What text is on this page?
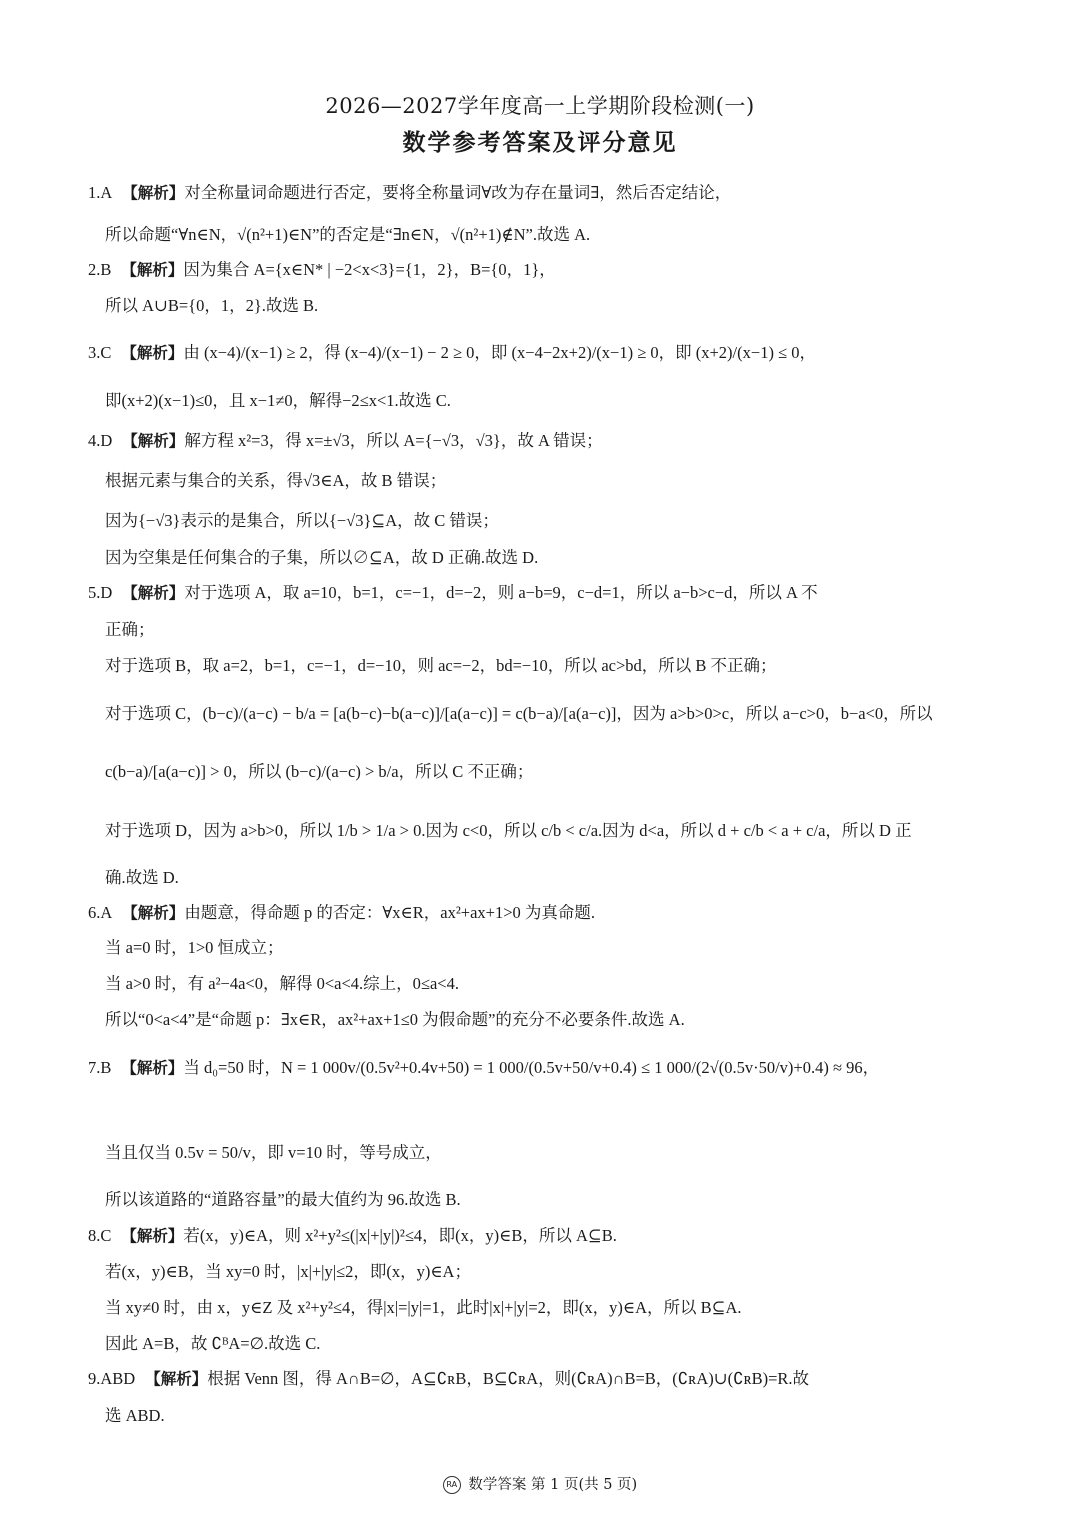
2026—2027学年度高一上学期阶段检测(一)
数学参考答案及评分意见
1.A 【解析】对全称量词命题进行否定，要将全称量词∀改为存在量词∃，然后否定结论，
所以命题“∀n∈N，√(n²+1)∈N”的否定是“∃n∈N，√(n²+1)∉N”.故选 A.
2.B 【解析】因为集合 A={x∈N* | −2<x<3}={1，2}，B={0，1}，
所以 A∪B={0，1，2}.故选 B.
3.C 【解析】由 (x−4)/(x−1) ≥ 2，得 (x−4)/(x−1) − 2 ≥ 0，即 (x−4−2x+2)/(x−1) ≥ 0，即 (x+2)/(x−1) ≤ 0，
即(x+2)(x−1)≤0，且 x−1≠0，解得−2≤x<1.故选 C.
4.D 【解析】解方程 x²=3，得 x=±√3，所以 A={−√3，√3}，故 A 错误；
根据元素与集合的关系，得√3∈A，故 B 错误；
因为{−√3}表示的是集合，所以{−√3}⊆A，故 C 错误；
因为空集是任何集合的子集，所以∅⊆A，故 D 正确.故选 D.
5.D 【解析】对于选项 A，取 a=10，b=1，c=−1，d=−2，则 a−b=9，c−d=1，所以 a−b>c−d，所以 A 不
正确；
对于选项 B，取 a=2，b=1，c=−1，d=−10，则 ac=−2，bd=−10，所以 ac>bd，所以 B 不正确；
对于选项 C，(b−c)/(a−c) − b/a = [a(b−c)−b(a−c)]/[a(a−c)] = c(b−a)/[a(a−c)]，因为 a>b>0>c，所以 a−c>0，b−a<0，所以
c(b−a)/[a(a−c)] > 0，所以 (b−c)/(a−c) > b/a，所以 C 不正确；
对于选项 D，因为 a>b>0，所以 1/b > 1/a > 0.因为 c<0，所以 c/b < c/a.因为 d<a，所以 d + c/b < a + c/a，所以 D 正
确.故选 D.
6.A 【解析】由题意，得命题 p 的否定：∀x∈R，ax²+ax+1>0 为真命题.
当 a=0 时，1>0 恒成立；
当 a>0 时，有 a²−4a<0，解得 0<a<4.综上，0≤a<4.
所以“0<a<4”是“命题 p：∃x∈R，ax²+ax+1≤0 为假命题”的充分不必要条件.故选 A.
7.B 【解析】当 d₀=50 时，N = 1 000v/(0.5v²+0.4v+50) = 1 000/(0.5v+50/v+0.4) ≤ 1 000/(2√(0.5v·50/v)+0.4) ≈ 96，
当且仅当 0.5v = 50/v，即 v=10 时，等号成立，
所以该道路的“道路容量”的最大值约为 96.故选 B.
8.C 【解析】若(x，y)∈A，则 x²+y²≤(|x|+|y|)²≤4，即(x，y)∈B，所以 A⊆B.
若(x，y)∈B，当 xy=0 时，|x|+|y|≤2，即(x，y)∈A；
当 xy≠0 时，由 x，y∈Z 及 x²+y²≤4，得|x|=|y|=1，此时|x|+|y|=2，即(x，y)∈A，所以 B⊆A.
因此 A=B，故 ∁ᴮA=∅.故选 C.
9.ABD 【解析】根据 Venn 图，得 A∩B=∅，A⊆∁ʀB，B⊆∁ʀA，则(∁ʀA)∩B=B，(∁ʀA)∪(∁ʀB)=R.故
选 ABD.
RA 数学答案 第 1 页(共 5 页)
